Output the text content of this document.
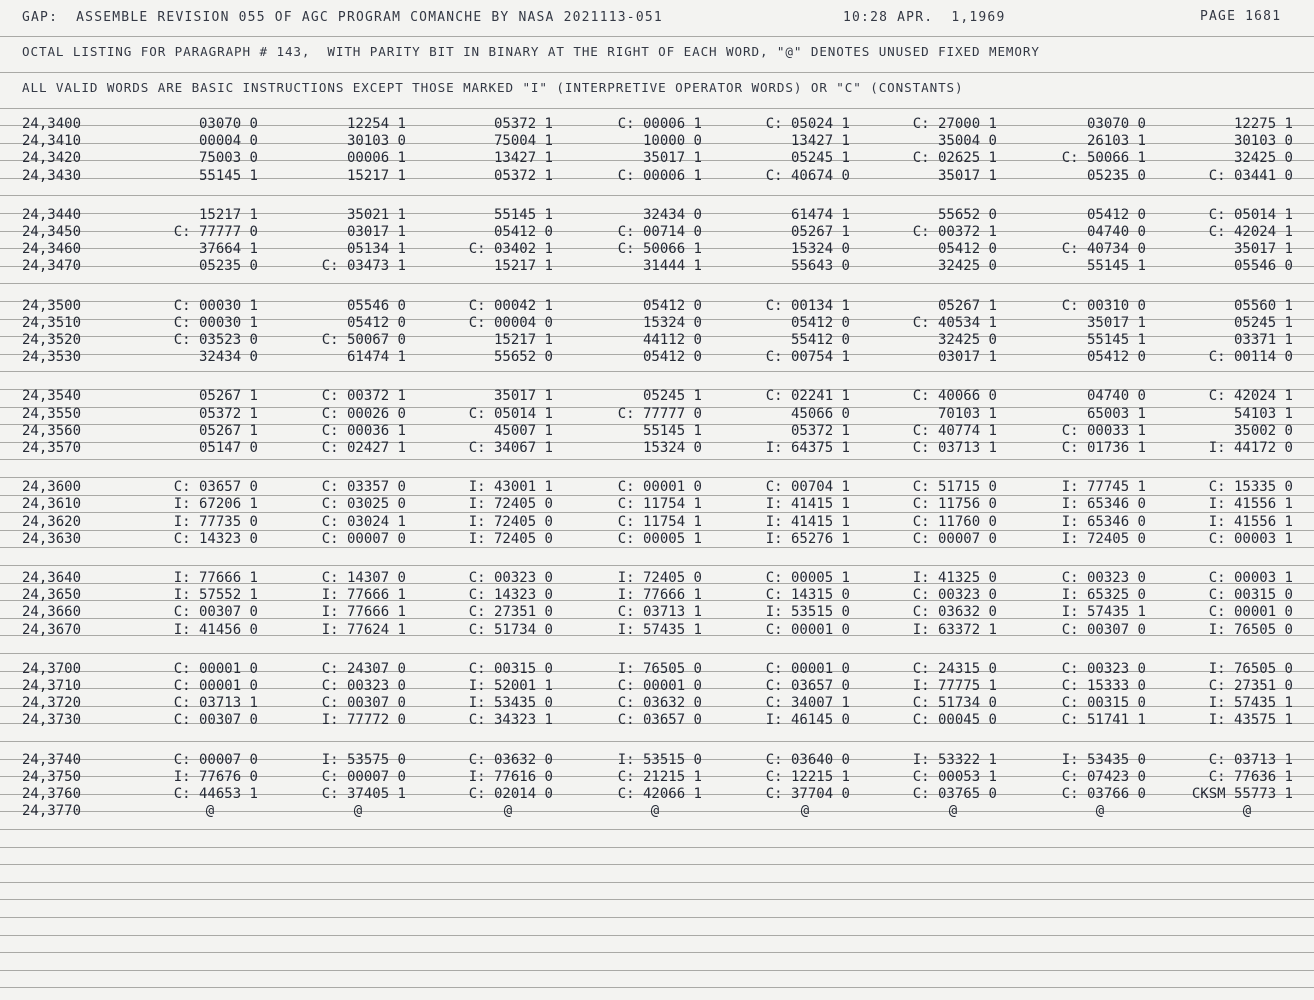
GAP:  ASSEMBLE REVISION 055 OF AGC PROGRAM COMANCHE BY NASA 2021113-051	10:28 APR.  1,1969	PAGE 1681
OCTAL LISTING FOR PARAGRAPH # 143,  WITH PARITY BIT IN BINARY AT THE RIGHT OF EACH WORD, "@" DENOTES UNUSED FIXED MEMORY
ALL VALID WORDS ARE BASIC INSTRUCTIONS EXCEPT THOSE MARKED "I" (INTERPRETIVE OPERATOR WORDS) OR "C" (CONSTANTS)
24,3400	03070 0	12254 1	05372 1	C: 00006 1	C: 05024 1	C: 27000 1	03070 0	12275 1
24,3410	00004 0	30103 0	75004 1	10000 0	13427 1	35004 0	26103 1	30103 0
24,3420	75003 0	00006 1	13427 1	35017 1	05245 1	C: 02625 1	C: 50066 1	32425 0
24,3430	55145 1	15217 1	05372 1	C: 00006 1	C: 40674 0	35017 1	05235 0	C: 03441 0
24,3440	15217 1	35021 1	55145 1	32434 0	61474 1	55652 0	05412 0	C: 05014 1
24,3450	C: 77777 0	03017 1	05412 0	C: 00714 0	05267 1	C: 00372 1	04740 0	C: 42024 1
24,3460	37664 1	05134 1	C: 03402 1	C: 50066 1	15324 0	05412 0	C: 40734 0	35017 1
24,3470	05235 0	C: 03473 1	15217 1	31444 1	55643 0	32425 0	55145 1	05546 0
24,3500	C: 00030 1	05546 0	C: 00042 1	05412 0	C: 00134 1	05267 1	C: 00310 0	05560 1
24,3510	C: 00030 1	05412 0	C: 00004 0	15324 0	05412 0	C: 40534 1	35017 1	05245 1
24,3520	C: 03523 0	C: 50067 0	15217 1	44112 0	55412 0	32425 0	55145 1	03371 1
24,3530	32434 0	61474 1	55652 0	05412 0	C: 00754 1	03017 1	05412 0	C: 00114 0
24,3540	05267 1	C: 00372 1	35017 1	05245 1	C: 02241 1	C: 40066 0	04740 0	C: 42024 1
24,3550	05372 1	C: 00026 0	C: 05014 1	C: 77777 0	45066 0	70103 1	65003 1	54103 1
24,3560	05267 1	C: 00036 1	45007 1	55145 1	05372 1	C: 40774 1	C: 00033 1	35002 0
24,3570	05147 0	C: 02427 1	C: 34067 1	15324 0	I: 64375 1	C: 03713 1	C: 01736 1	I: 44172 0
24,3600	C: 03657 0	C: 03357 0	I: 43001 1	C: 00001 0	C: 00704 1	C: 51715 0	I: 77745 1	C: 15335 0
24,3610	I: 67206 1	C: 03025 0	I: 72405 0	C: 11754 1	I: 41415 1	C: 11756 0	I: 65346 0	I: 41556 1
24,3620	I: 77735 0	C: 03024 1	I: 72405 0	C: 11754 1	I: 41415 1	C: 11760 0	I: 65346 0	I: 41556 1
24,3630	C: 14323 0	C: 00007 0	I: 72405 0	C: 00005 1	I: 65276 1	C: 00007 0	I: 72405 0	C: 00003 1
24,3640	I: 77666 1	C: 14307 0	C: 00323 0	I: 72405 0	C: 00005 1	I: 41325 0	C: 00323 0	C: 00003 1
24,3650	I: 57552 1	I: 77666 1	C: 14323 0	I: 77666 1	C: 14315 0	C: 00323 0	I: 65325 0	C: 00315 0
24,3660	C: 00307 0	I: 77666 1	C: 27351 0	C: 03713 1	I: 53515 0	C: 03632 0	I: 57435 1	C: 00001 0
24,3670	I: 41456 0	I: 77624 1	C: 51734 0	I: 57435 1	C: 00001 0	I: 63372 1	C: 00307 0	I: 76505 0
24,3700	C: 00001 0	C: 24307 0	C: 00315 0	I: 76505 0	C: 00001 0	C: 24315 0	C: 00323 0	I: 76505 0
24,3710	C: 00001 0	C: 00323 0	I: 52001 1	C: 00001 0	C: 03657 0	I: 77775 1	C: 15333 0	C: 27351 0
24,3720	C: 03713 1	C: 00307 0	I: 53435 0	C: 03632 0	C: 34007 1	C: 51734 0	C: 00315 0	I: 57435 1
24,3730	C: 00307 0	I: 77772 0	C: 34323 1	C: 03657 0	I: 46145 0	C: 00045 0	C: 51741 1	I: 43575 1
24,3740	C: 00007 0	I: 53575 0	C: 03632 0	I: 53515 0	C: 03640 0	I: 53322 1	I: 53435 0	C: 03713 1
24,3750	I: 77676 0	C: 00007 0	I: 77616 0	C: 21215 1	C: 12215 1	C: 00053 1	C: 07423 0	C: 77636 1
24,3760	C: 44653 1	C: 37405 1	C: 02014 0	C: 42066 1	C: 37704 0	C: 03765 0	C: 03766 0	CKSM 55773 1
24,3770	@	@	@	@	@	@	@	@
